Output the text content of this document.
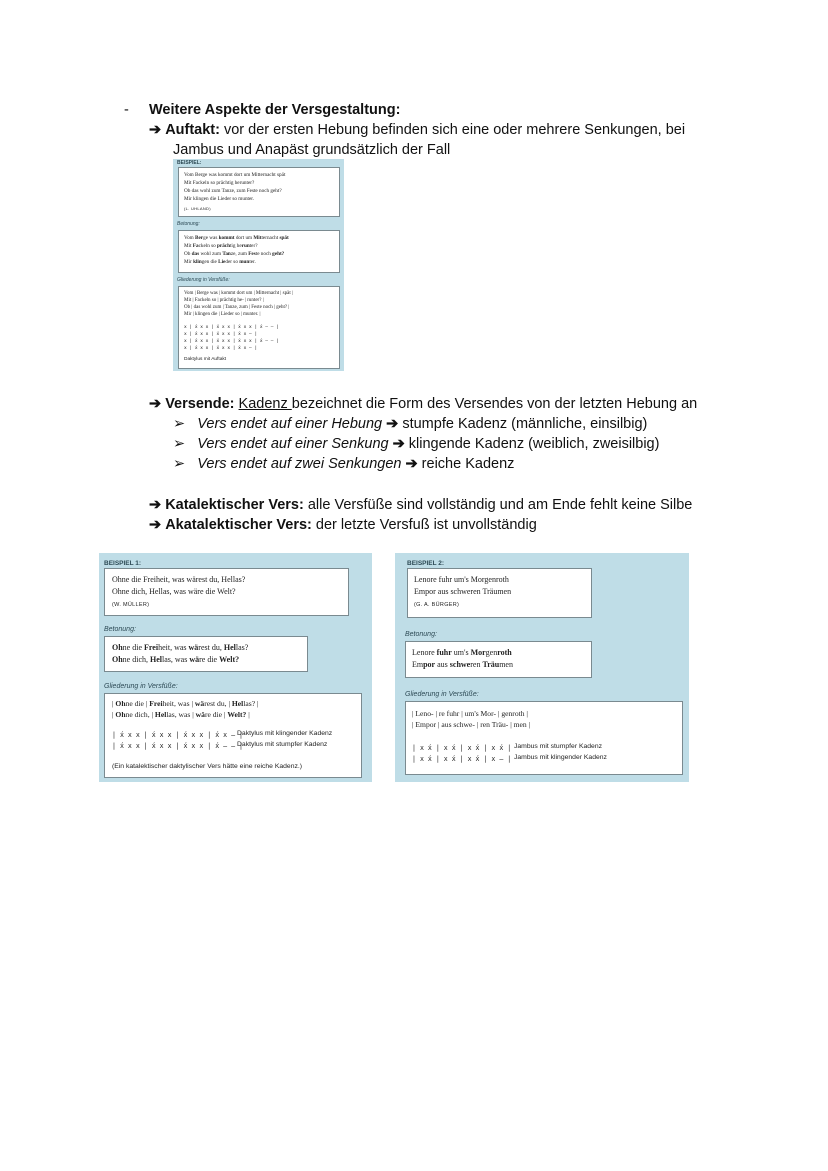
- Weitere Aspekte der Versgestaltung:
➔ Auftakt: vor der ersten Hebung befinden sich eine oder mehrere Senkungen, bei
Jambus und Anapäst grundsätzlich der Fall
BEISPIEL:
Vom Berge was kommt dort um Mitternacht spät
Mit Fackeln so prächtig herunter?
Ob das wohl zum Tanze, zum Feste noch geht?
Mir klingen die Lieder so munter.
(L. UHLAND)
Betonung:
Vom Berge was kommt dort um Mitternacht spät
Mit Fackeln so prächtig herunter?
Ob das wohl zum Tanze, zum Feste noch geht?
Mir klingen die Lieder so munter.
Gliederung in Versfüße:
Vom | Berge was | kommt dort um | Mitternacht | spät |
Mit | Fackeln so | prächtig he- | runter? |
Ob | das wohl zum | Tanze, zum | Feste noch | geht? |
Mir | klingen die | Lieder so | munter. |
x | x́ x x | x́ x x | x́ x x | x́ – – |
x | x́ x x | x́ x x | x́ x – |
x | x́ x x | x́ x x | x́ x x | x́ – – |
x | x́ x x | x́ x x | x́ x – |
Daktylus mit Auftakt
➔ Versende: Kadenz bezeichnet die Form des Versendes von der letzten Hebung an
➢ Vers endet auf einer Hebung ➔ stumpfe Kadenz (männliche, einsilbig)
➢ Vers endet auf einer Senkung ➔ klingende Kadenz (weiblich, zweisilbig)
➢ Vers endet auf zwei Senkungen ➔ reiche Kadenz
➔ Katalektischer Vers: alle Versfüße sind vollständig und am Ende fehlt keine Silbe
➔ Akatalektischer Vers: der letzte Versfuß ist unvollständig
BEISPIEL 1:
Ohne die Freiheit, was wärest du, Hellas?
Ohne dich, Hellas, was wäre die Welt?
(W. MÜLLER)
Betonung:
Ohne die Freiheit, was wärest du, Hellas?
Ohne dich, Hellas, was wäre die Welt?
Gliederung in Versfüße:
| Ohne die | Freiheit, was | wärest du, | Hellas? |
| Ohne dich, | Hellas, was | wäre die | Welt? |
| x́ x x | x́ x x | x́ x x | x́ x – |
| x́ x x | x́ x x | x́ x x | x́ – – |
Daktylus mit klingender Kadenz
Daktylus mit stumpfer Kadenz
(Ein katalektischer daktylischer Vers hätte eine reiche Kadenz.)
BEISPIEL 2:
Lenore fuhr um's Morgenroth
Empor aus schweren Träumen
(G. A. BÜRGER)
Betonung:
Lenore fuhr um's Morgenroth
Empor aus schweren Träumen
Gliederung in Versfüße:
| Leno- | re fuhr | um's Mor- | genroth |
| Empor | aus schwe- | ren Träu- | men |
| x x́ | x x́ | x x́ | x x́ |
| x x́ | x x́ | x x́ | x – |
Jambus mit stumpfer Kadenz
Jambus mit klingender Kadenz
